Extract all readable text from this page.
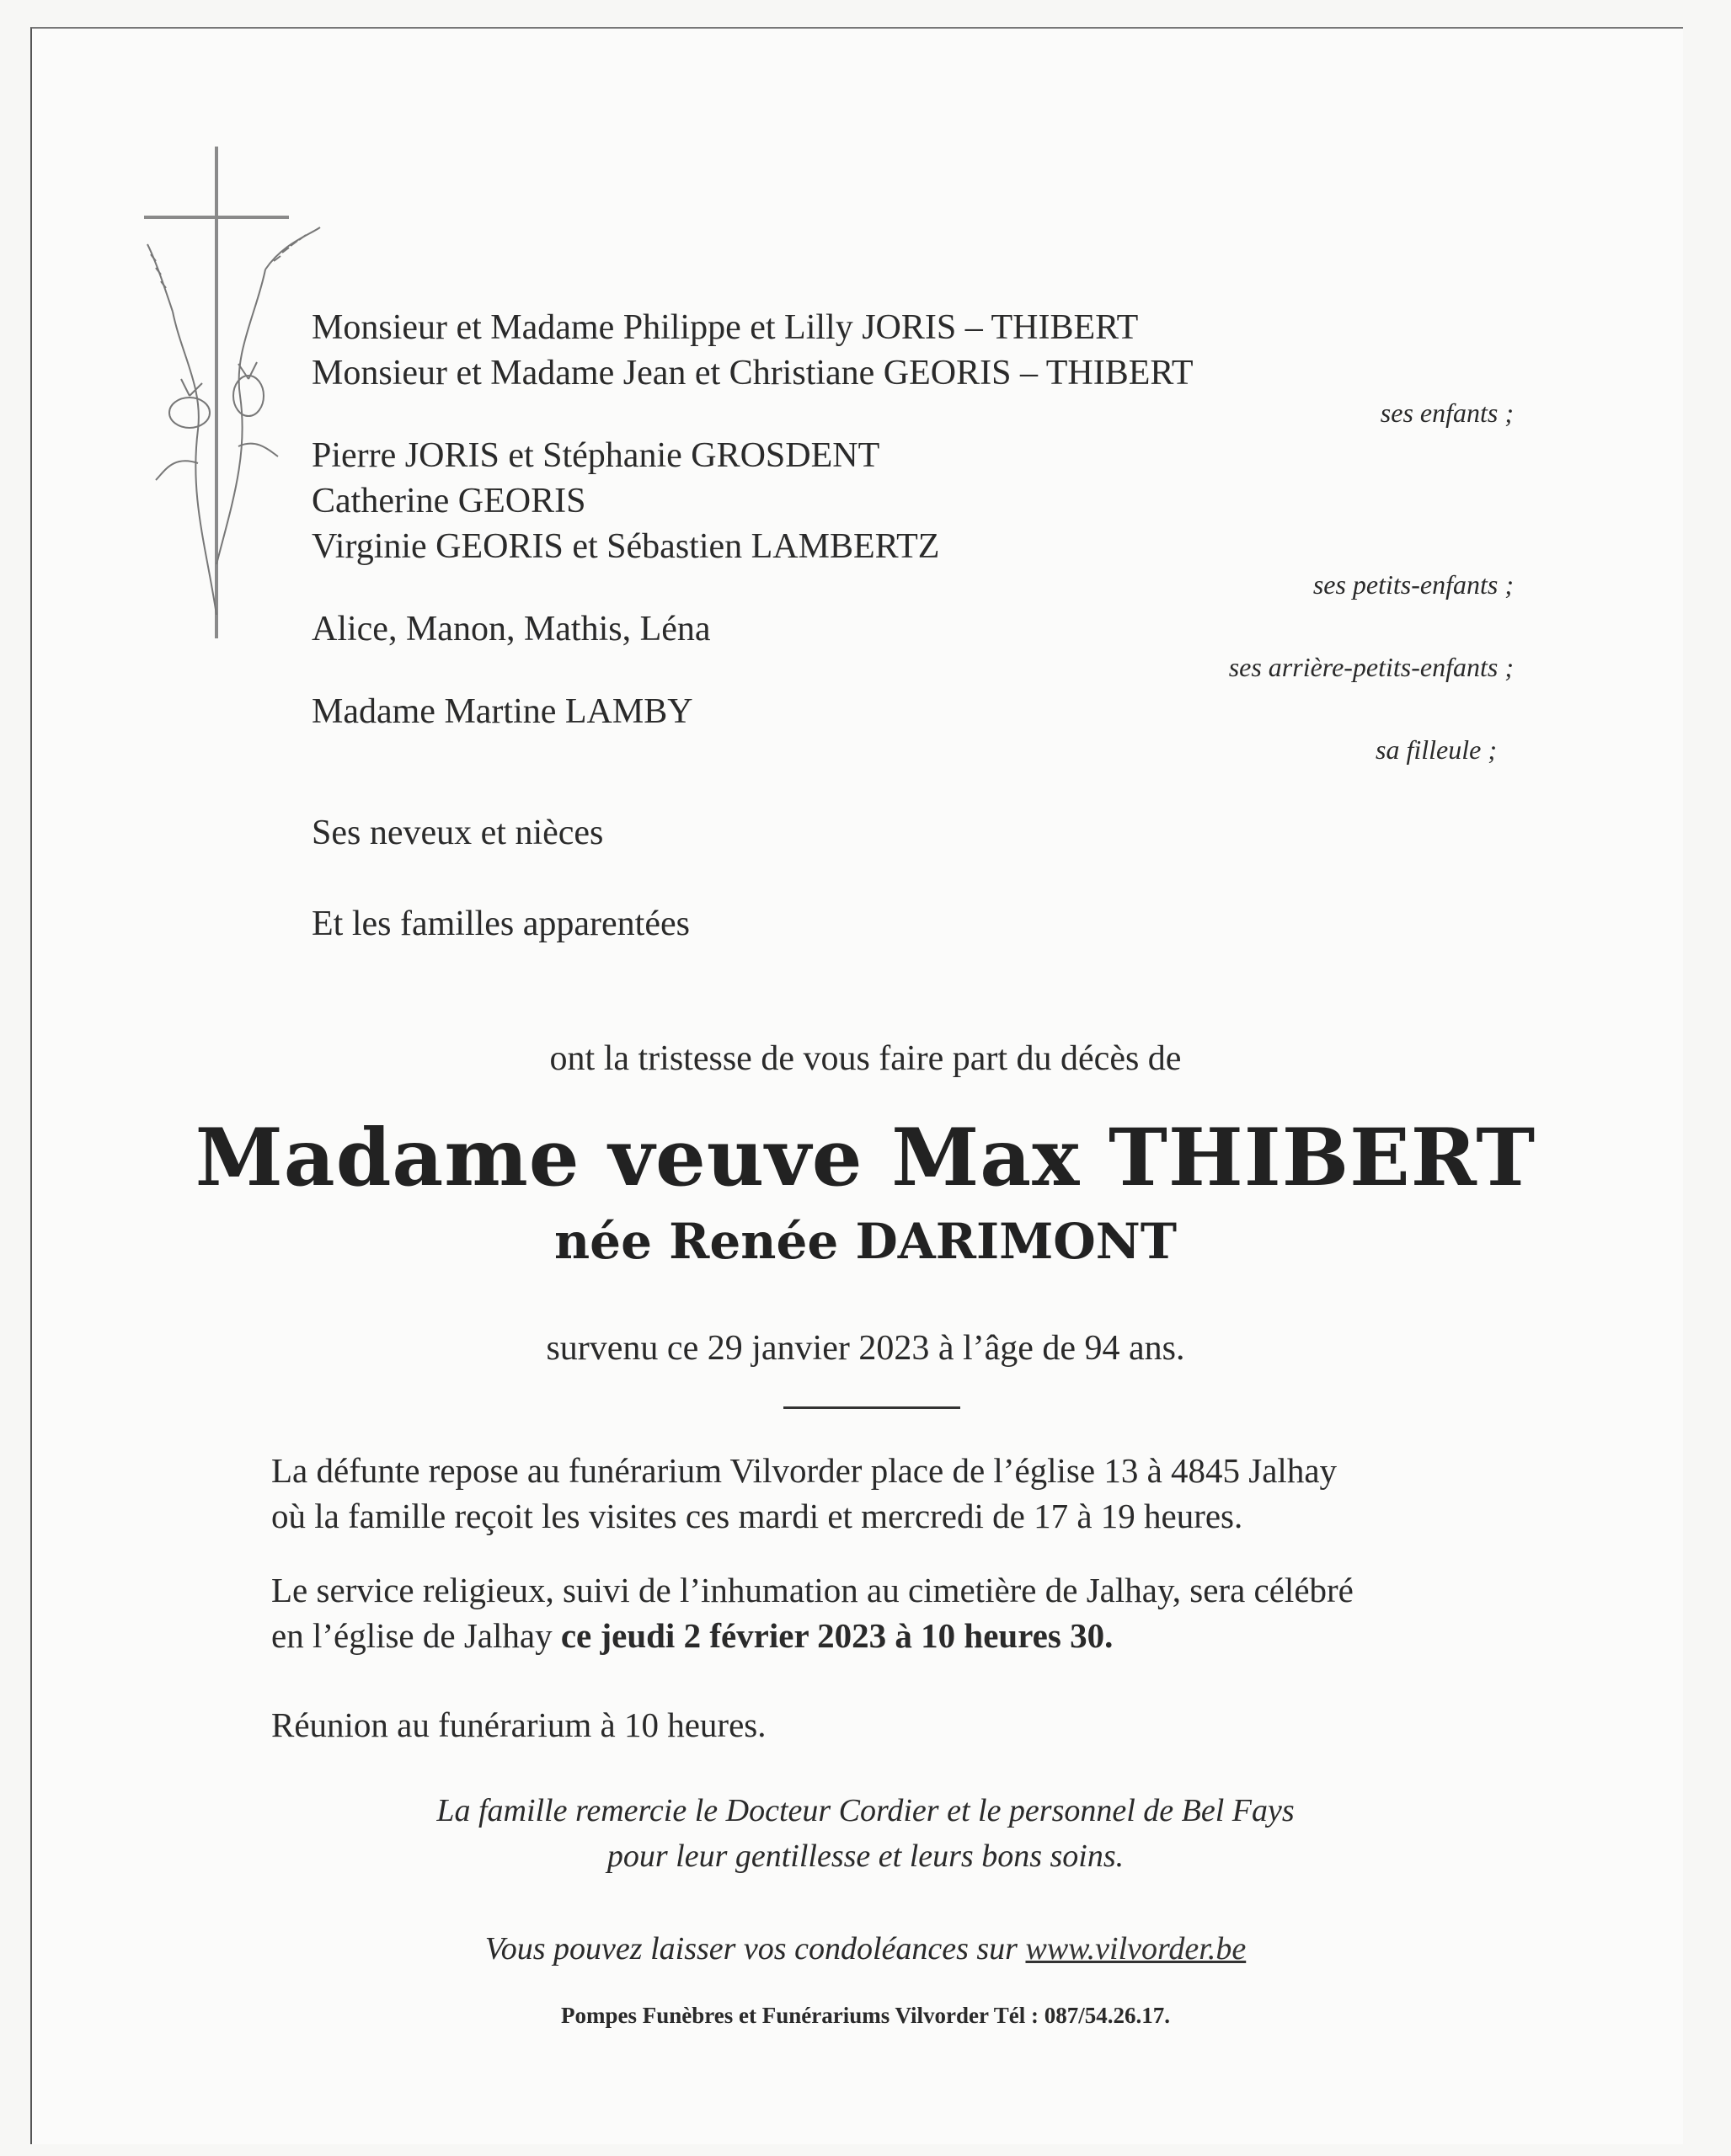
Monsieur et Madame Philippe et Lilly JORIS – THIBERT
Monsieur et Madame Jean et Christiane GEORIS – THIBERT
ses enfants ;
Pierre JORIS et Stéphanie GROSDENT
Catherine GEORIS
Virginie GEORIS et Sébastien LAMBERTZ
ses petits-enfants ;
Alice, Manon, Mathis, Léna
ses arrière-petits-enfants ;
Madame Martine LAMBY
sa filleule ;
Ses neveux et nièces
Et les familles apparentées
ont la tristesse de vous faire part du décès de
Madame veuve Max THIBERT
née Renée DARIMONT
survenu ce 29 janvier 2023 à l’âge de 94 ans.
La défunte repose au funérarium Vilvorder place de l’église 13 à 4845 Jalhay
où la famille reçoit les visites ces mardi et mercredi de 17 à 19 heures.
Le service religieux, suivi de l’inhumation au cimetière de Jalhay, sera célébré
en l’église de Jalhay ce jeudi 2 février 2023 à 10 heures 30.
Réunion au funérarium à 10 heures.
La famille remercie le Docteur Cordier et le personnel de Bel Fays
pour leur gentillesse et leurs bons soins.
Vous pouvez laisser vos condoléances sur www.vilvorder.be
Pompes Funèbres et Funérariums Vilvorder Tél : 087/54.26.17.
